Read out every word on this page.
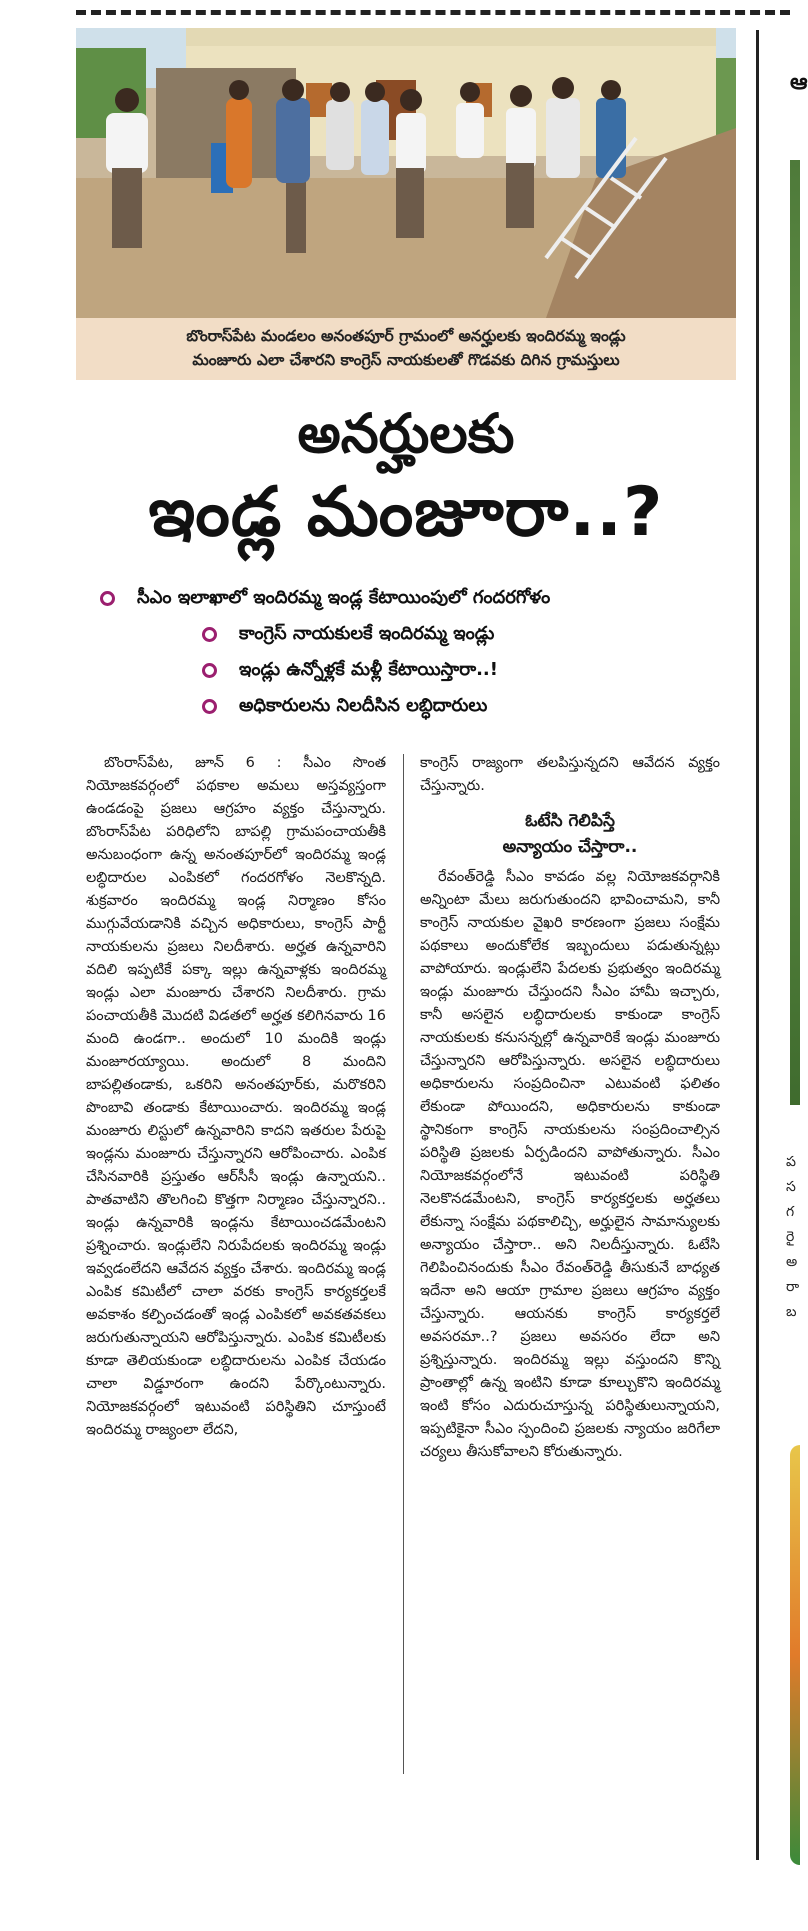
ఆ
ప
స
గ
రై
అ
రా
బ
బొంరాస్‌పేట మండలం అనంతపూర్ గ్రామంలో అనర్హులకు ఇందిరమ్మ ఇండ్లు
మంజూరు ఎలా చేశారని కాంగ్రెస్ నాయకులతో గొడవకు దిగిన గ్రామస్తులు
అనర్హులకు
ఇండ్ల మంజూరా..?
సీఎం ఇలాఖాలో ఇందిరమ్మ ఇండ్ల కేటాయింపులో గందరగోళం
కాంగ్రెస్ నాయకులకే ఇందిరమ్మ ఇండ్లు
ఇండ్లు ఉన్నోళ్లకే మళ్లీ కేటాయిస్తారా..!
అధికారులను నిలదీసిన లబ్ధిదారులు

బొంరాస్‌పేట, జూన్ 6 : సీఎం సొంత నియోజకవర్గంలో పథకాల అమలు అస్తవ్యస్తంగా ఉండడంపై ప్రజలు ఆగ్రహం వ్యక్తం చేస్తున్నారు. బొంరాస్‌పేట పరిధిలోని బాపల్లి గ్రామపంచాయతీకి అనుబంధంగా ఉన్న అనంతపూర్‌లో ఇందిరమ్మ ఇండ్ల లబ్ధిదారుల ఎంపికలో గందరగోళం నెలకొన్నది. శుక్రవారం ఇందిరమ్మ ఇండ్ల నిర్మాణం కోసం ముగ్గువేయడానికి వచ్చిన అధికారులు, కాంగ్రెస్ పార్టీ నాయకులను ప్రజలు నిలదీశారు. అర్హత ఉన్నవారిని వదిలి ఇప్పటికే పక్కా ఇల్లు ఉన్నవాళ్లకు ఇందిరమ్మ ఇండ్లు ఎలా మంజూరు చేశారని నిలదీశారు. గ్రామ పంచాయతీకి మొదటి విడతలో అర్హత కలిగినవారు 16 మంది ఉండగా.. అందులో 10 మందికి ఇండ్లు మంజూరయ్యాయి. అందులో 8 మందిని బాపల్లితండాకు, ఒకరిని అనంతపూర్‌కు, మరొకరిని పొంబావి తండాకు కేటాయించారు. ఇందిరమ్మ ఇండ్ల మంజూరు లిస్టులో ఉన్నవారిని కాదని ఇతరుల పేరుపై ఇండ్లను మంజూరు చేస్తున్నారని ఆరోపించారు. ఎంపిక చేసినవారికి ప్రస్తుతం ఆర్‌సీసీ ఇండ్లు ఉన్నాయని.. పాతవాటిని తొలగించి కొత్తగా నిర్మాణం చేస్తున్నారని.. ఇండ్లు ఉన్నవారికి ఇండ్లను కేటాయించడమేంటని ప్రశ్నించారు. ఇండ్లులేని నిరుపేదలకు ఇందిరమ్మ ఇండ్లు ఇవ్వడంలేదని ఆవేదన వ్యక్తం చేశారు. ఇందిరమ్మ ఇండ్ల ఎంపిక కమిటీలో చాలా వరకు కాంగ్రెస్ కార్యకర్తలకే అవకాశం కల్పించడంతో ఇండ్ల ఎంపికలో అవకతవకలు జరుగుతున్నాయని ఆరోపిస్తున్నారు. ఎంపిక కమిటీలకు కూడా తెలియకుండా లబ్ధిదారులను ఎంపిక చేయడం చాలా విడ్డూరంగా ఉందని పేర్కొంటున్నారు. నియోజకవర్గంలో ఇటువంటి పరిస్థితిని చూస్తుంటే ఇందిరమ్మ రాజ్యంలా లేదని,

కాంగ్రెస్ రాజ్యంగా తలపిస్తున్నదని ఆవేదన వ్యక్తం చేస్తున్నారు.

ఓటేసి గెలిపిస్తే
అన్యాయం చేస్తారా..

రేవంత్‌రెడ్డి సీఎం కావడం వల్ల నియోజకవర్గానికి అన్నింటా మేలు జరుగుతుందని భావించామని, కానీ కాంగ్రెస్ నాయకుల వైఖరి కారణంగా ప్రజలు సంక్షేమ పథకాలు అందుకోలేక ఇబ్బందులు పడుతున్నట్లు వాపోయారు. ఇండ్లులేని పేదలకు ప్రభుత్వం ఇందిరమ్మ ఇండ్లు మంజూరు చేస్తుందని సీఎం హామీ ఇచ్చారు, కానీ అసలైన లబ్ధిదారులకు కాకుండా కాంగ్రెస్ నాయకులకు కనుసన్నల్లో ఉన్నవారికే ఇండ్లు మంజూరు చేస్తున్నారని ఆరోపిస్తున్నారు. అసలైన లబ్ధిదారులు అధికారులను సంప్రదించినా ఎటువంటి ఫలితం లేకుండా పోయిందని, అధికారులను కాకుండా స్థానికంగా కాంగ్రెస్ నాయకులను సంప్రదించాల్సిన పరిస్థితి ప్రజలకు ఏర్పడిందని వాపోతున్నారు. సీఎం నియోజకవర్గంలోనే ఇటువంటి పరిస్థితి నెలకొనడమేంటని, కాంగ్రెస్ కార్యకర్తలకు అర్హతలు లేకున్నా సంక్షేమ పథకాలిచ్చి, అర్హులైన సామాన్యులకు అన్యాయం చేస్తారా.. అని నిలదీస్తున్నారు. ఓటేసి గెలిపించినందుకు సీఎం రేవంత్‌రెడ్డి తీసుకునే బాధ్యత ఇదేనా అని ఆయా గ్రామాల ప్రజలు ఆగ్రహం వ్యక్తం చేస్తున్నారు. ఆయనకు కాంగ్రెస్ కార్యకర్తలే అవసరమా..? ప్రజలు అవసరం లేదా అని ప్రశ్నిస్తున్నారు. ఇందిరమ్మ ఇల్లు వస్తుందని కొన్ని ప్రాంతాల్లో ఉన్న ఇంటిని కూడా కూల్చుకొని ఇందిరమ్మ ఇంటి కోసం ఎదురుచూస్తున్న పరిస్థితులున్నాయని, ఇప్పటికైనా సీఎం స్పందించి ప్రజలకు న్యాయం జరిగేలా చర్యలు తీసుకోవాలని కోరుతున్నారు.
